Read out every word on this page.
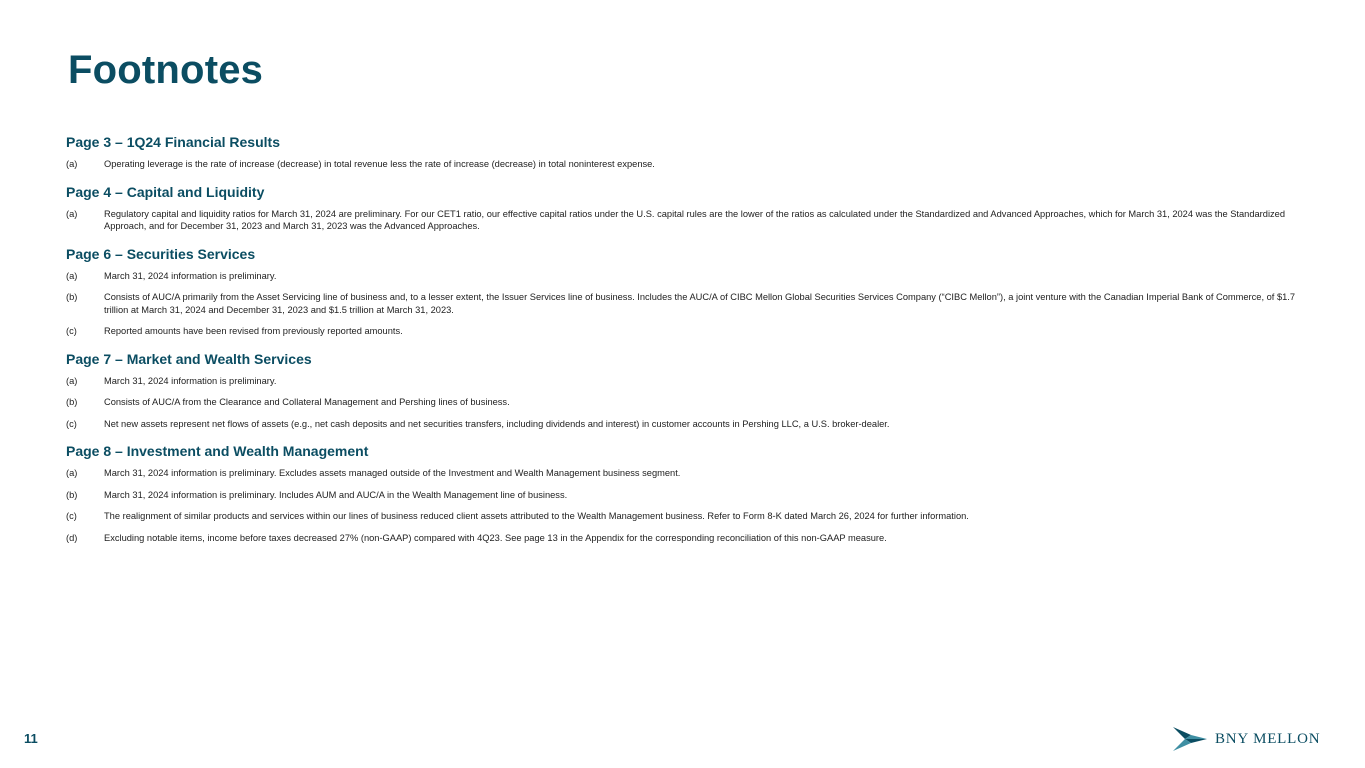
Footnotes
Page 3 – 1Q24 Financial Results
(a)	Operating leverage is the rate of increase (decrease) in total revenue less the rate of increase (decrease) in total noninterest expense.
Page 4 – Capital and Liquidity
(a)	Regulatory capital and liquidity ratios for March 31, 2024 are preliminary. For our CET1 ratio, our effective capital ratios under the U.S. capital rules are the lower of the ratios as calculated under the Standardized and Advanced Approaches, which for March 31, 2024 was the Standardized Approach, and for December 31, 2023 and March 31, 2023 was the Advanced Approaches.
Page 6 – Securities Services
(a)	March 31, 2024 information is preliminary.
(b)	Consists of AUC/A primarily from the Asset Servicing line of business and, to a lesser extent, the Issuer Services line of business. Includes the AUC/A of CIBC Mellon Global Securities Services Company (“CIBC Mellon”), a joint venture with the Canadian Imperial Bank of Commerce, of $1.7 trillion at March 31, 2024 and December 31, 2023 and $1.5 trillion at March 31, 2023.
(c)	Reported amounts have been revised from previously reported amounts.
Page 7 – Market and Wealth Services
(a)	March 31, 2024 information is preliminary.
(b)	Consists of AUC/A from the Clearance and Collateral Management and Pershing lines of business.
(c)	Net new assets represent net flows of assets (e.g., net cash deposits and net securities transfers, including dividends and interest) in customer accounts in Pershing LLC, a U.S. broker-dealer.
Page 8 – Investment and Wealth Management
(a)	March 31, 2024 information is preliminary. Excludes assets managed outside of the Investment and Wealth Management business segment.
(b)	March 31, 2024 information is preliminary. Includes AUM and AUC/A in the Wealth Management line of business.
(c)	The realignment of similar products and services within our lines of business reduced client assets attributed to the Wealth Management business. Refer to Form 8-K dated March 26, 2024 for further information.
(d)	Excluding notable items, income before taxes decreased 27% (non-GAAP) compared with 4Q23. See page 13 in the Appendix for the corresponding reconciliation of this non-GAAP measure.
11	BNY MELLON
